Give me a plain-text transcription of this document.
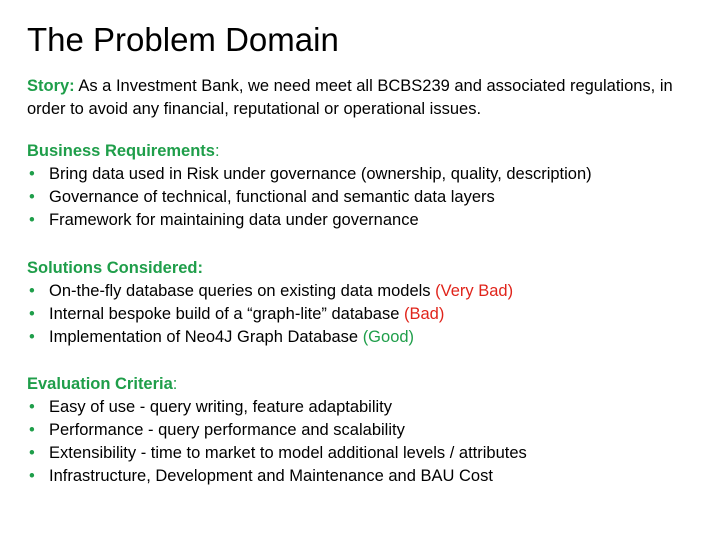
The Problem Domain
Story: As a Investment Bank, we need meet all BCBS239 and associated regulations, in order to avoid any financial, reputational or operational issues.
Business Requirements:
• Bring data used in Risk under governance (ownership, quality, description)
• Governance of technical, functional and semantic data layers
• Framework for maintaining data under governance
Solutions Considered:
• On-the-fly database queries on existing data models (Very Bad)
• Internal bespoke build of a “graph-lite” database (Bad)
• Implementation of Neo4J Graph Database (Good)
Evaluation Criteria:
• Easy of use - query writing, feature adaptability
• Performance - query performance and scalability
• Extensibility - time to market to model additional levels / attributes
• Infrastructure, Development and Maintenance and BAU Cost
